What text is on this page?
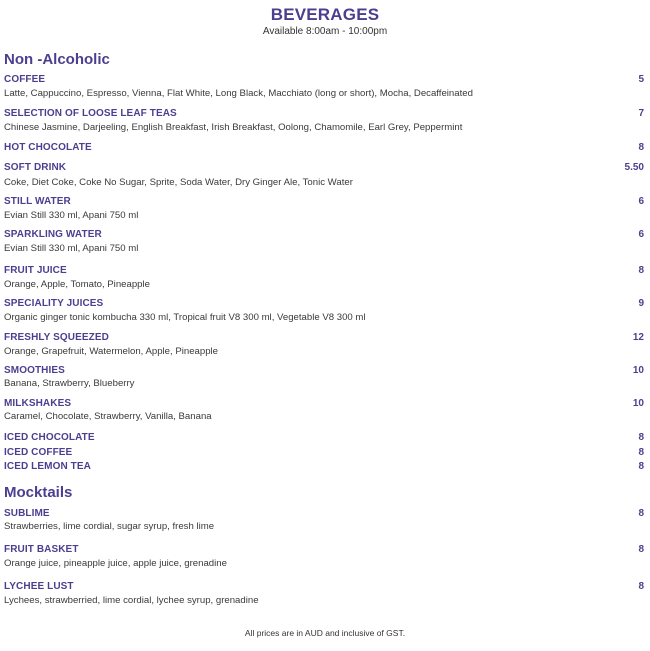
BEVERAGES
Available 8:00am - 10:00pm
Non -Alcoholic
COFFEE	5
Latte, Cappuccino, Espresso, Vienna, Flat White, Long Black, Macchiato (long or short), Mocha, Decaffeinated
SELECTION OF LOOSE LEAF TEAS	7
Chinese Jasmine, Darjeeling, English Breakfast, Irish Breakfast, Oolong, Chamomile, Earl Grey, Peppermint
HOT CHOCOLATE	8
SOFT DRINK	5.50
Coke, Diet Coke, Coke No Sugar, Sprite, Soda Water, Dry Ginger Ale, Tonic Water
STILL WATER	6
Evian Still 330 ml, Apani 750 ml
SPARKLING WATER	6
Evian Still 330 ml, Apani 750 ml
FRUIT JUICE	8
Orange, Apple, Tomato, Pineapple
SPECIALITY JUICES	9
Organic ginger tonic kombucha 330 ml, Tropical fruit V8 300 ml, Vegetable V8 300 ml
FRESHLY SQUEEZED	12
Orange, Grapefruit, Watermelon, Apple, Pineapple
SMOOTHIES	10
Banana, Strawberry, Blueberry
MILKSHAKES	10
Caramel, Chocolate, Strawberry, Vanilla, Banana
ICED CHOCOLATE	8
ICED COFFEE	8
ICED LEMON TEA	8
Mocktails
SUBLIME	8
Strawberries, lime cordial, sugar syrup, fresh lime
FRUIT BASKET	8
Orange juice, pineapple juice, apple juice, grenadine
LYCHEE LUST	8
Lychees, strawberried, lime cordial, lychee syrup, grenadine
All prices are in AUD and inclusive of GST.
